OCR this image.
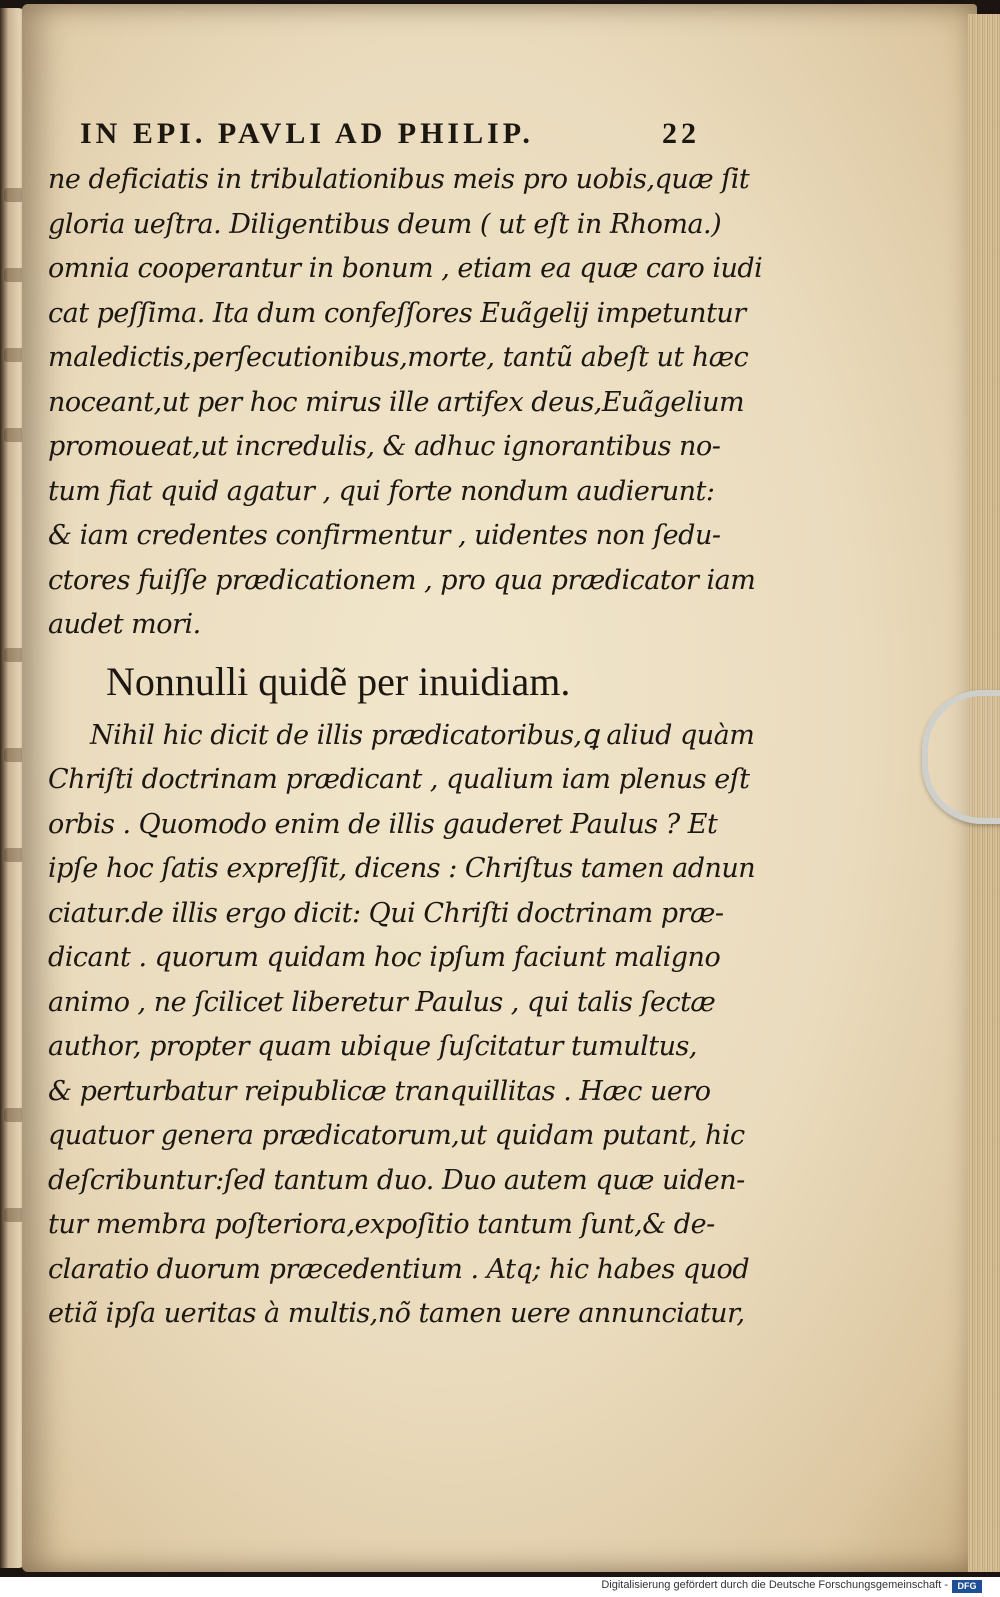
IN EPI. PAVLI AD PHILIP.	22
ne deficiatis in tribulationibus meis pro uobis,quæ ſit
gloria ueſtra. Diligentibus deum ( ut eſt in Rhoma.)
omnia cooperantur in bonum , etiam ea quæ caro iudi
cat peſſima. Ita dum confeſſores Euãgelij impetuntur
maledictis,perſecutionibus,morte, tantũ abeſt ut hæc
noceant,ut per hoc mirus ille artifex deus,Euãgelium
promoueat,ut incredulis, & adhuc ignorantibus no-
tum fiat quid agatur , qui forte nondum audierunt:
& iam credentes confirmentur , uidentes non ſedu-
ctores fuiſſe prædicationem , pro qua prædicator iam
audet mori.
Nonnulli quidẽ per inuidiam.
Nihil hic dicit de illis prædicatoribus,ꝗ aliud quàm
Chriſti doctrinam prædicant , qualium iam plenus eſt
orbis . Quomodo enim de illis gauderet Paulus ? Et
ipſe hoc ſatis expreſſit, dicens : Chriſtus tamen adnun
ciatur.de illis ergo dicit: Qui Chriſti doctrinam præ-
dicant . quorum quidam hoc ipſum faciunt maligno
animo , ne ſcilicet liberetur Paulus , qui talis ſectæ
author, propter quam ubique ſuſcitatur tumultus,
& perturbatur reipublicæ tranquillitas . Hæc uero
quatuor genera prædicatorum,ut quidam putant, hic
deſcribuntur:ſed tantum duo. Duo autem quæ uiden-
tur membra poſteriora,expoſitio tantum ſunt,& de-
claratio duorum præcedentium . Atq; hic habes quod
etiã ipſa ueritas à multis,nõ tamen uere annunciatur,
Digitalisierung gefördert durch die Deutsche Forschungsgemeinschaft -	DFG
